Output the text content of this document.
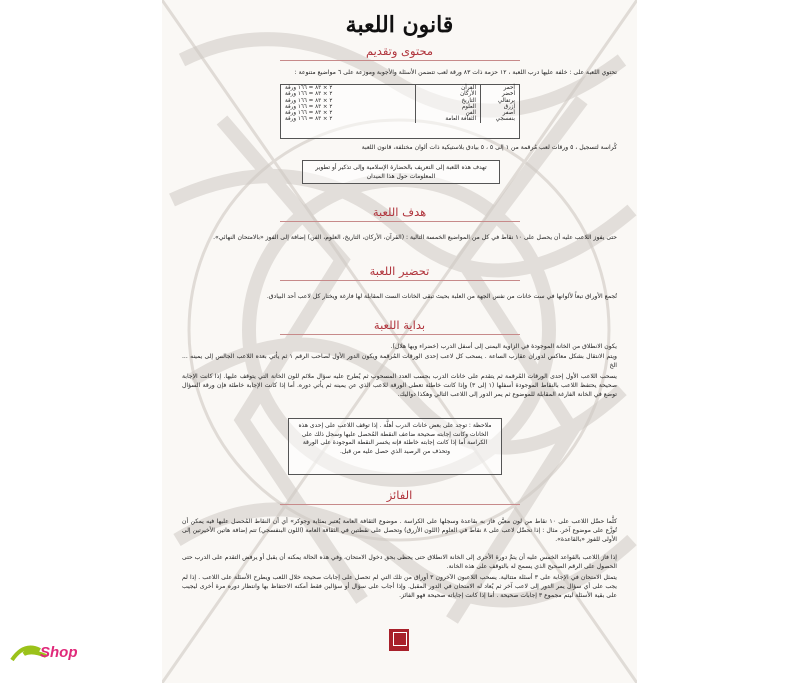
قانون اللعبة
محتوى وتقديم
تحتوي اللعبة على : خلفة عليها درب اللعبة ، ١٢ حزمة ذات ٨٣ ورقة لعب تتضمن الأسئلة والأجوبة وموزعة على ٦ مواضيع متنوعة :
أحمر	القرآن	٢ × ٨٣ = ١٦٦ ورقة
أخضر	الأركان	٢ × ٨٣ = ١٦٦ ورقة
برتقالي	التاريخ	٢ × ٨٣ = ١٦٦ ورقة
أزرق	العلوم	٢ × ٨٣ = ١٦٦ ورقة
أصفر	الفن	٢ × ٨٣ = ١٦٦ ورقة
بنفسجي	الثقافة العامة	٢ × ٨٣ = ١٦٦ ورقة
كُراسة لتسجيل ، ٥ ورقات لعب مُرقمة من ١ إلى ٥ ، ٥ بيادق بلاستيكية ذات ألوان مختلفة، قانون اللعبة
تهدف هذه اللعبة إلى التعريف بالحضارة الإسلامية وإلى تذكير أو تطوير المعلومات حول هذا الميدان
هدف اللعبة
حتى يفوز اللاعب عليه أن يحصل على ١٠ نقاط في كل من المواضيع الخمسة التالية : (القرآن، الأركان، التاريخ، العلوم، الفن) إضافة إلى الفوز «بالامتحان النهائي».
تحضير اللعبة
تُجمع الأوراق تبعاً لألوانها في ست خانات من نفس الجهة من العلبة بحيث تبقى الخانات الست المقابلة لها فارغة ويختار كل لاعب أحد البيادق.
بداية اللعبة
يكون الانطلاق من الخانة الموجودة في الزاوية اليمنى إلى أسفل الدرب (خضراء وبها هلال).
ويتم الانتقال بشكل معاكس لدوران عقارب الساعة . يسحب كل لاعب إحدى الورقات المُرقمة ويكون الدور الأول لصاحب الرقم ١ ثم يأتي بعده اللاعب الجالس إلى يمينه ... الخ
يسحب اللاعب الأول إحدى الورقات المُرقمة ثم يتقدم على خانات الدرب بحسب العدد المسحوب ثم يُطرح عليه سؤال ملائم للون الخانة التي يتوقف عليها. إذا كانت الإجابة صحيحة يحتفظ اللاعب بالنقاط الموجودة أسفلها (١ إلى ٣) وإذا كانت خاطئة تعطى الورقة للاعب الذي عن يمينه ثم يأتي دوره. أما إذا كانت الإجابة خاطئة فإن ورقة السؤال توضع في الخانة الفارغة المقابلة للموضوع ثم يمر الدور إلى اللاعب التالي وهكذا دواليك.
ملاحظة : توجد على بعض خانات الدرب أهلَّة . إذا توقف اللاعب على إحدى هذه الخانات وكانت إجابته صحيحة ضاعف النقطة المُحصل عليها وسجل ذلك على الكراسة أما إذا كانت إجابته خاطئة فإنه يخسر النقطة الموجودة على الورقة وتحذف من الرصيد الذي حصل عليه من قبل.
الفائز
كلَّما حصَّل اللاعب على ١٠ نقاط من لون معيَّن فاز به بقاعدة وسجلها على الكراسة . موضوع الثقافة العامة يُعتبر بمثابة وجوكر» أي أن النقاط المُحصل عليها فيه يمكن أن تُوزَّع على موضوع آخر. مثال : إذا تحصَّل لاعب على ٨ نقاط في العلوم (اللون الأزرق) وتحصل على نقطتين في الثقافة العامة (اللون البنفسجي) تتم إضافة هاتين الأخيرتين إلى الأولى للفوز «بالقاعدة».
إذا فاز اللاعب بالقواعد الخمس عليه أن يتمَّ دورة الأحرى إلى الخانة الانطلاق حتى يحظى بحق دخول الامتحان، وفي هذه الحالة يمكنه أن يقبل أو يرفض التقدم على الدرب حتى الحصول على الرقم الصحيح الذي يسمح له بالتوقف على هذه الخانة.
يتمثل الامتحان في الإجابة على ٣ أسئلة متتالية. يسحب اللاعبون الآخرون ٣ أوراق من تلك التي لم تحصل على إجابات صحيحة خلال اللعب ويطرح الأسئلة على اللاعب . إذا لم يجب على أي سؤال يمر الدور إلى لاعب آخر ثم يُعاد له الامتحان في الدور المقبل. وإذا أجاب على سؤال أو سؤالين فقط أمكنه الاحتفاظ بها وانتظار دوره مرة أخرى ليجيب على بقية الأسئلة ليتم مجموع ٣ إجابات صحيحة . أما إذا كانت إجاباته صحيحة فهو الفائز.
Shop
